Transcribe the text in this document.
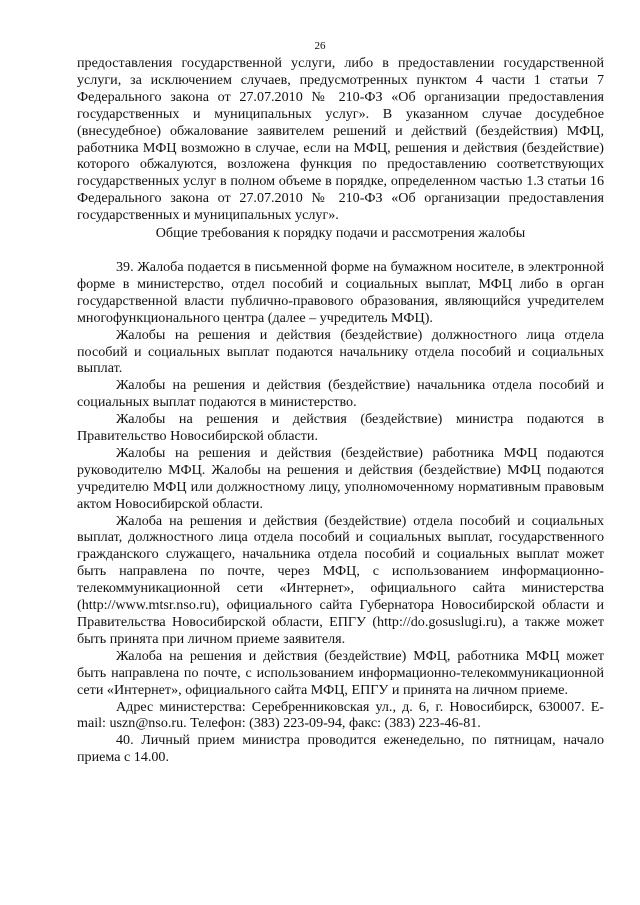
26

предоставления государственной услуги, либо в предоставлении государственной услуги, за исключением случаев, предусмотренных пунктом 4 части 1 статьи 7 Федерального закона от 27.07.2010 № 210-ФЗ «Об организации предоставления государственных и муниципальных услуг». В указанном случае досудебное (внесудебное) обжалование заявителем решений и действий (бездействия) МФЦ, работника МФЦ возможно в случае, если на МФЦ, решения и действия (бездействие) которого обжалуются, возложена функция по предоставлению соответствующих государственных услуг в полном объеме в порядке, определенном частью 1.3 статьи 16 Федерального закона от 27.07.2010 № 210-ФЗ «Об организации предоставления государственных и муниципальных услуг».

Общие требования к порядку подачи и рассмотрения жалобы

39. Жалоба подается в письменной форме на бумажном носителе, в электронной форме в министерство, отдел пособий и социальных выплат, МФЦ либо в орган государственной власти публично-правового образования, являющийся учредителем многофункционального центра (далее – учредитель МФЦ).

Жалобы на решения и действия (бездействие) должностного лица отдела пособий и социальных выплат подаются начальнику отдела пособий и социальных выплат.

Жалобы на решения и действия (бездействие) начальника отдела пособий и социальных выплат подаются в министерство.

Жалобы на решения и действия (бездействие) министра подаются в Правительство Новосибирской области.

Жалобы на решения и действия (бездействие) работника МФЦ подаются руководителю МФЦ. Жалобы на решения и действия (бездействие) МФЦ подаются учредителю МФЦ или должностному лицу, уполномоченному нормативным правовым актом Новосибирской области.

Жалоба на решения и действия (бездействие) отдела пособий и социальных выплат, должностного лица отдела пособий и социальных выплат, государственного гражданского служащего, начальника отдела пособий и социальных выплат может быть направлена по почте, через МФЦ, с использованием информационно-телекоммуникационной сети «Интернет», официального сайта министерства (http://www.mtsr.nso.ru), официального сайта Губернатора Новосибирской области и Правительства Новосибирской области, ЕПГУ (http://do.gosuslugi.ru), а также может быть принята при личном приеме заявителя.

Жалоба на решения и действия (бездействие) МФЦ, работника МФЦ может быть направлена по почте, с использованием информационно-телекоммуникационной сети «Интернет», официального сайта МФЦ, ЕПГУ и принята на личном приеме.

Адрес министерства: Серебренниковская ул., д. 6, г. Новосибирск, 630007. E-mail: uszn@nso.ru. Телефон: (383) 223-09-94, факс: (383) 223-46-81.

40. Личный прием министра проводится еженедельно, по пятницам, начало приема с 14.00.
